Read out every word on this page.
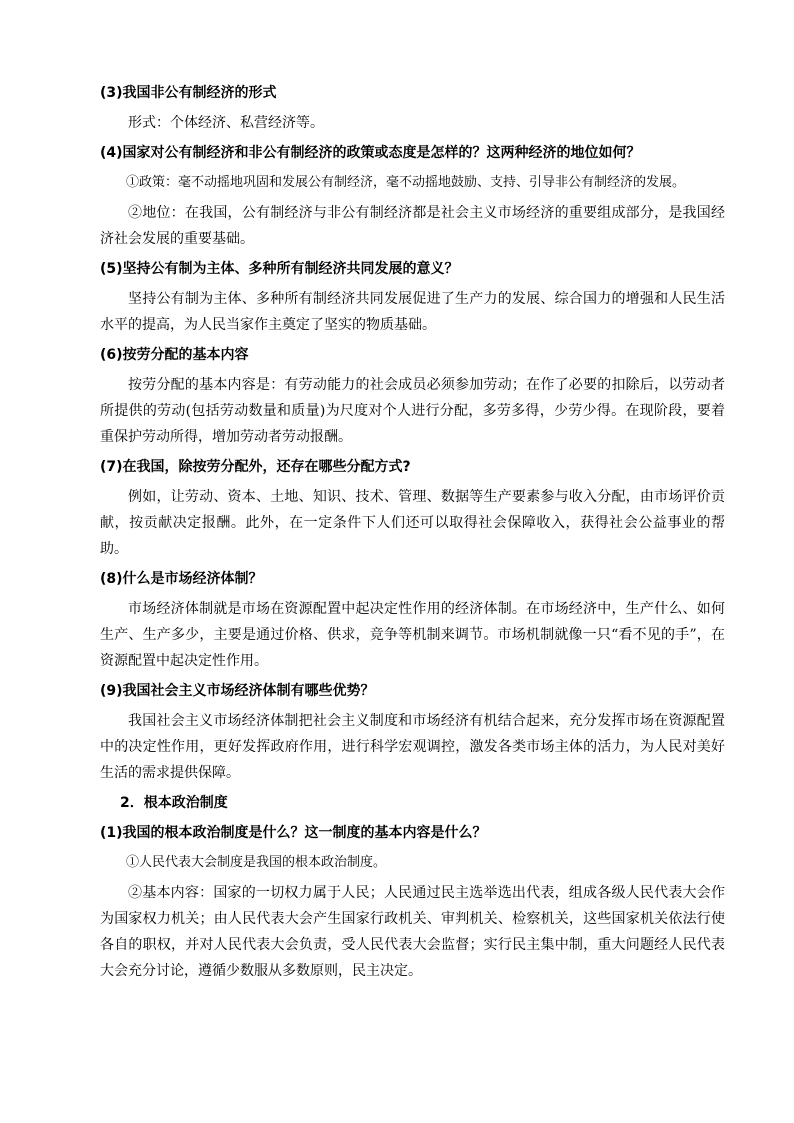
(3)我国非公有制经济的形式
形式：个体经济、私营经济等。
(4)国家对公有制经济和非公有制经济的政策或态度是怎样的？这两种经济的地位如何？
①政策：毫不动摇地巩固和发展公有制经济，毫不动摇地鼓励、支持、引导非公有制经济的发展。
②地位：在我国，公有制经济与非公有制经济都是社会主义市场经济的重要组成部分，是我国经济社会发展的重要基础。
(5)坚持公有制为主体、多种所有制经济共同发展的意义？
坚持公有制为主体、多种所有制经济共同发展促进了生产力的发展、综合国力的增强和人民生活水平的提高，为人民当家作主奠定了坚实的物质基础。
(6)按劳分配的基本内容
按劳分配的基本内容是：有劳动能力的社会成员必须参加劳动；在作了必要的扣除后，以劳动者所提供的劳动(包括劳动数量和质量)为尺度对个人进行分配，多劳多得，少劳少得。在现阶段，要着重保护劳动所得，增加劳动者劳动报酬。
(7)在我国，除按劳分配外，还存在哪些分配方式?
例如，让劳动、资本、土地、知识、技术、管理、数据等生产要素参与收入分配，由市场评价贡献，按贡献决定报酬。此外，在一定条件下人们还可以取得社会保障收入，获得社会公益事业的帮助。
(8)什么是市场经济体制？
市场经济体制就是市场在资源配置中起决定性作用的经济体制。在市场经济中，生产什么、如何生产、生产多少，主要是通过价格、供求，竞争等机制来调节。市场机制就像一只“看不见的手”，在资源配置中起决定性作用。
(9)我国社会主义市场经济体制有哪些优势？
我国社会主义市场经济体制把社会主义制度和市场经济有机结合起来，充分发挥市场在资源配置中的决定性作用，更好发挥政府作用，进行科学宏观调控，激发各类市场主体的活力，为人民对美好生活的需求提供保障。
2．根本政治制度
(1)我国的根本政治制度是什么？这一制度的基本内容是什么？
①人民代表大会制度是我国的根本政治制度。
②基本内容：国家的一切权力属于人民；人民通过民主选举选出代表，组成各级人民代表大会作为国家权力机关；由人民代表大会产生国家行政机关、审判机关、检察机关，这些国家机关依法行使各自的职权，并对人民代表大会负责，受人民代表大会监督；实行民主集中制，重大问题经人民代表大会充分讨论，遵循少数服从多数原则，民主决定。
